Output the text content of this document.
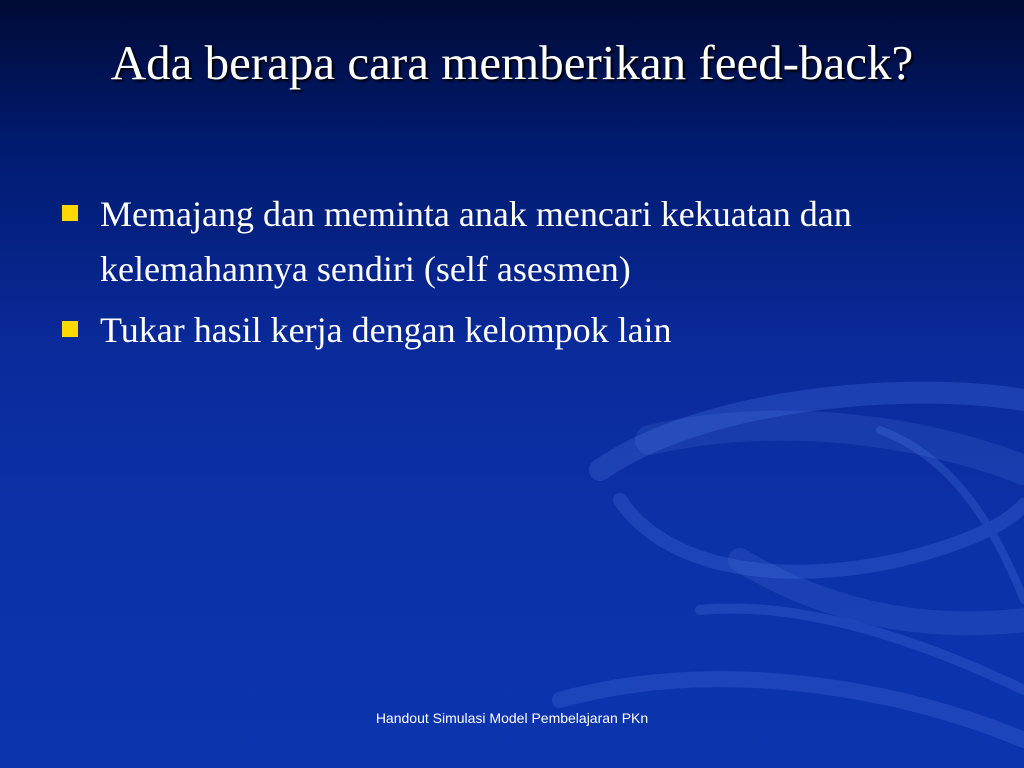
Ada berapa cara memberikan feed-back?
Memajang dan meminta anak mencari kekuatan dan kelemahannya sendiri (self asesmen)
Tukar hasil kerja dengan kelompok lain
Handout Simulasi Model Pembelajaran PKn
